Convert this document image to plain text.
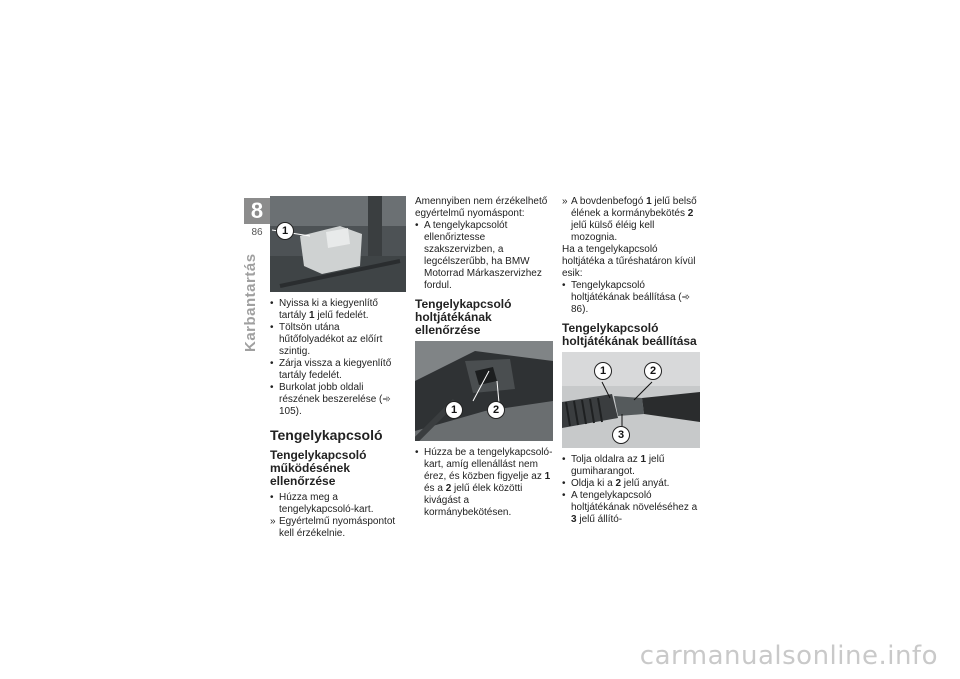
8
86
Karbantartás
1
• Nyissa ki a kiegyenlítő tartály 1 jelű fedelét.
• Töltsön utána hűtőfolyadékot az előírt szintig.
• Zárja vissza a kiegyenlítő tartály fedelét.
• Burkolat jobb oldali részének beszerelése (➾ 105).
Tengelykapcsoló
Tengelykapcsoló működésének ellenőrzése
• Húzza meg a tengelykapcsoló-kart.
» Egyértelmű nyomáspontot kell érzékelnie.

Amennyiben nem érzékelhető egyértelmű nyomáspont:

• A tengelykapcsolót ellenőriztesse szakszervizben, a legcélszerűbb, ha BMW Motorrad Márkaszervizhez fordul.
Tengelykapcsoló holtjátékának ellenőrzése
1	2
• Húzza be a tengelykapcsoló-kart, amíg ellenállást nem érez, és közben figyelje az 1 és a 2 jelű élek közötti kivágást a kormánybekötésen.
» A bovdenbefogó 1 jelű belső élének a kormánybekötés 2 jelű külső éléig kell mozognia.

Ha a tengelykapcsoló holtjátéka a tűréshatáron kívül esik:

• Tengelykapcsoló holtjátékának beállítása (➾ 86).
Tengelykapcsoló holtjátékának beállítása
1	2
3
• Tolja oldalra az 1 jelű gumiharangot.
• Oldja ki a 2 jelű anyát.
• A tengelykapcsoló holtjátékának növeléséhez a 3 jelű állító-
carmanualsonline.info
